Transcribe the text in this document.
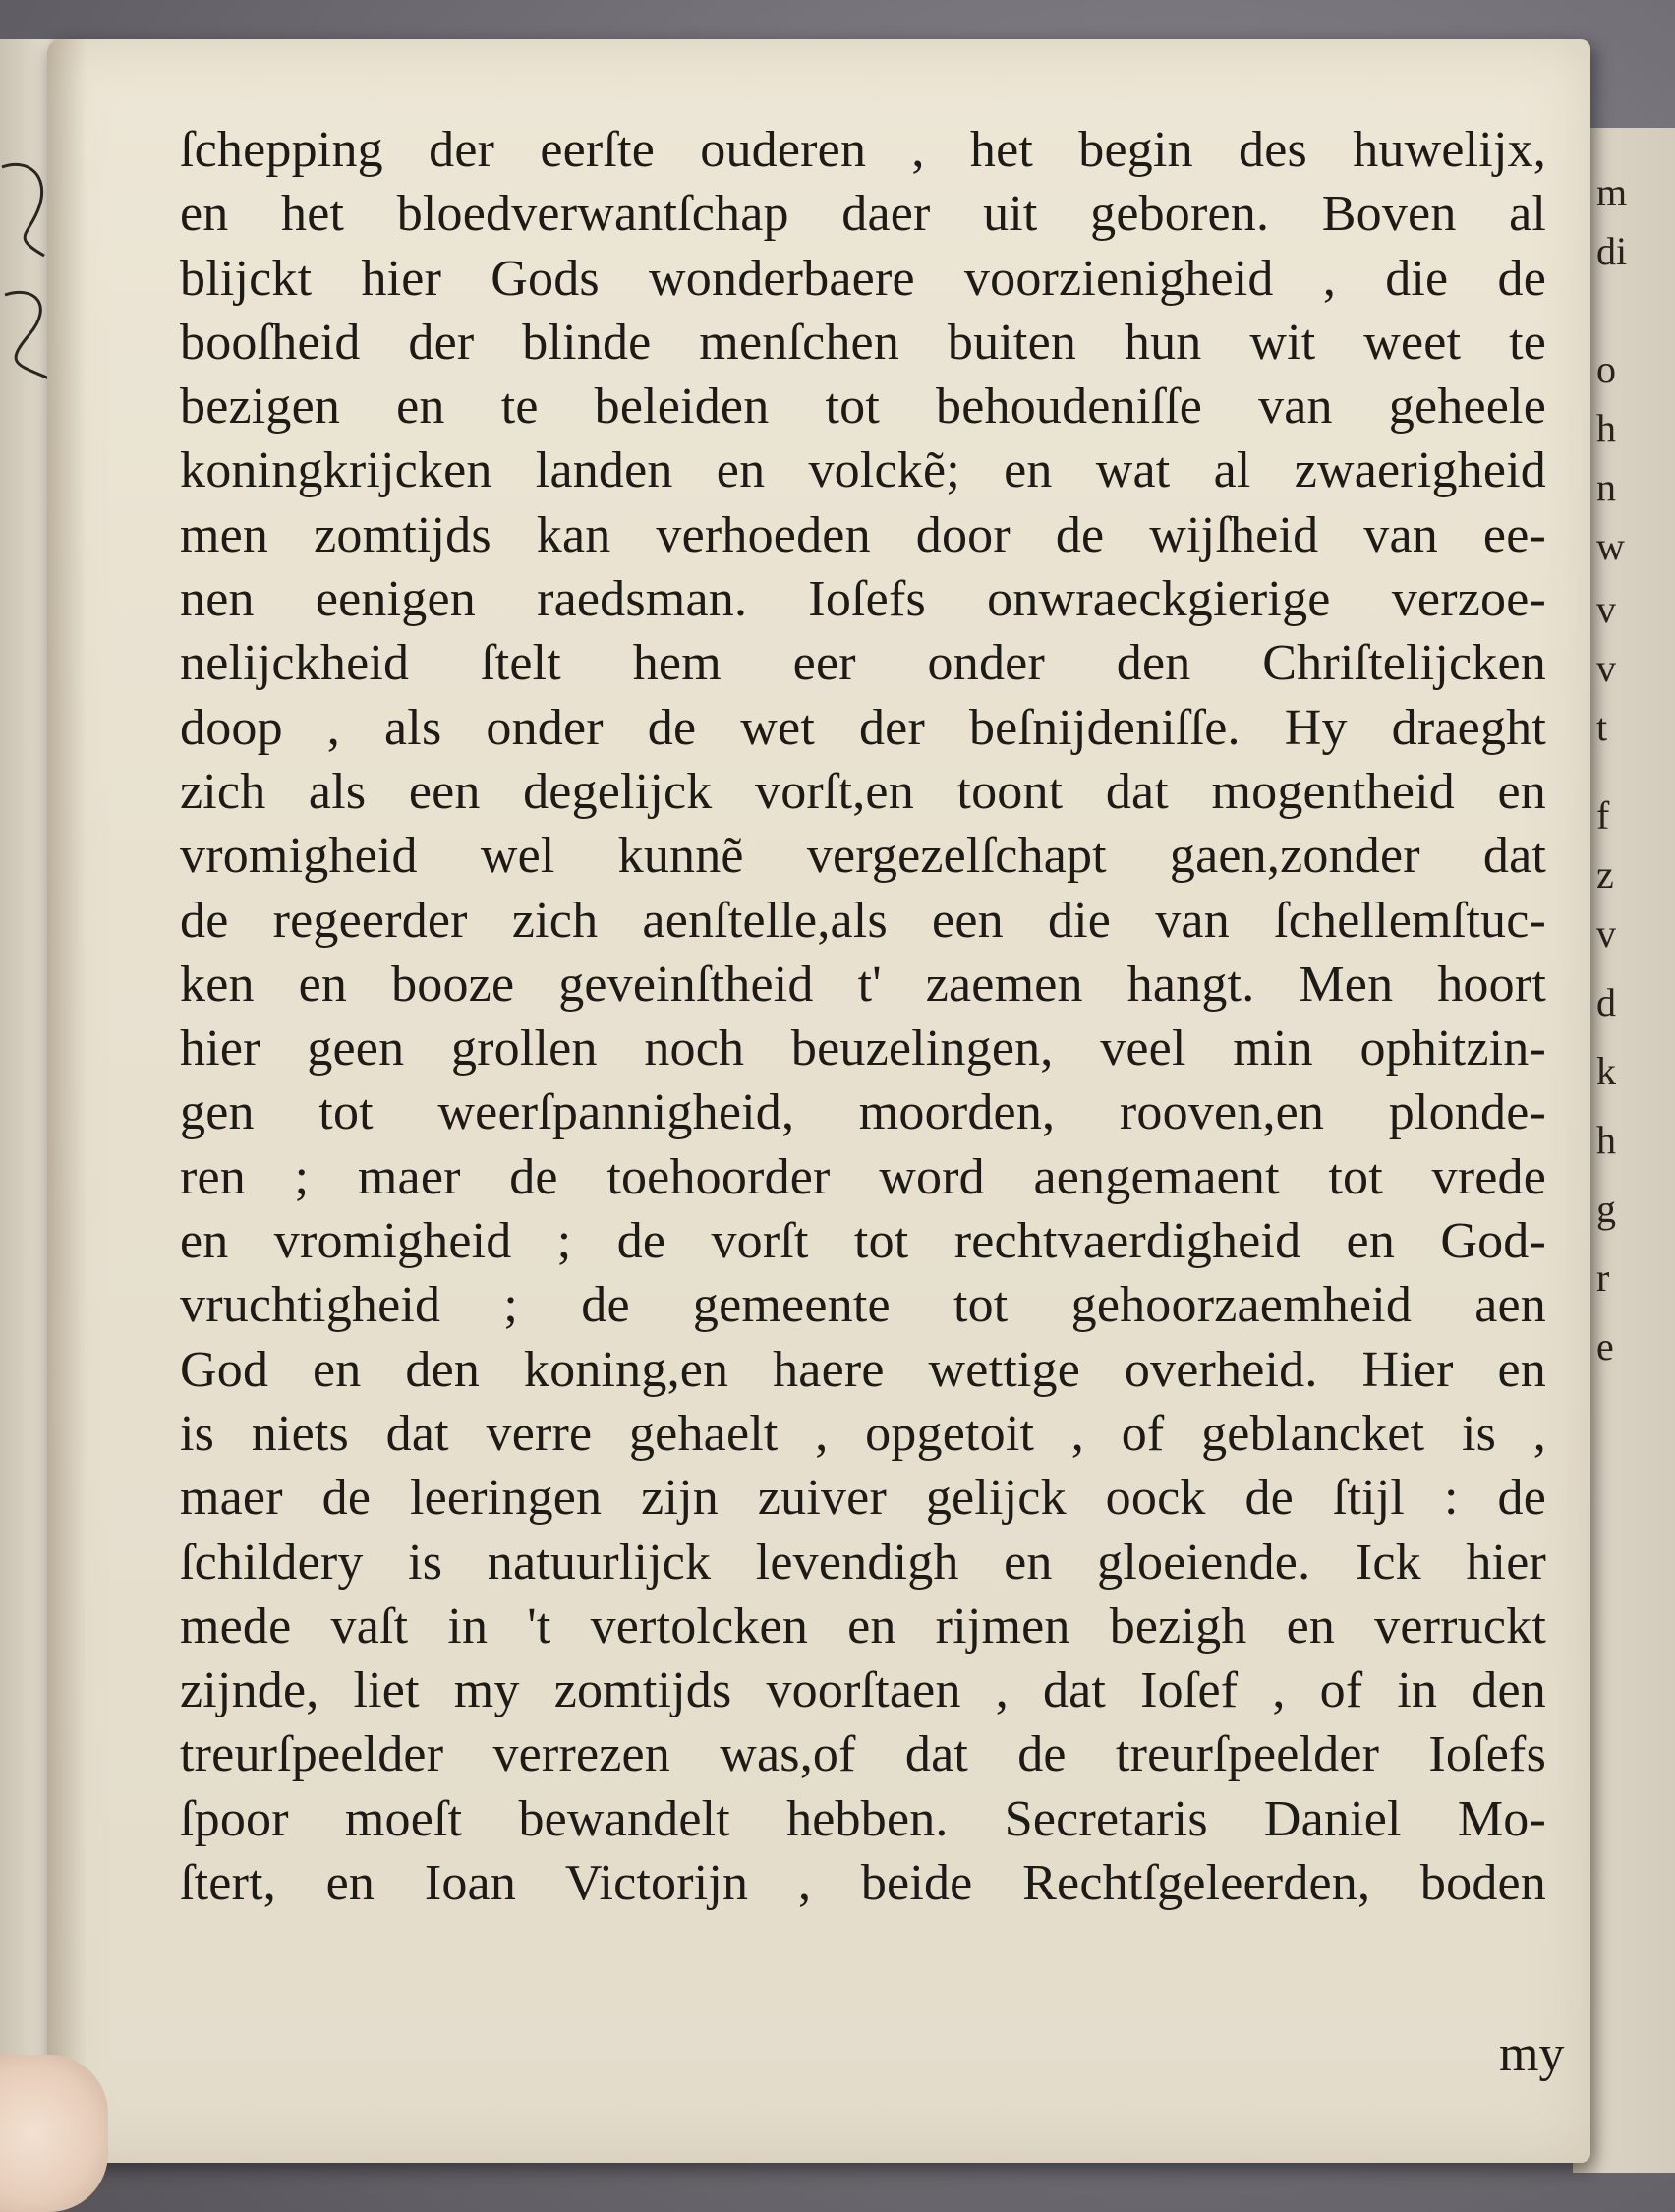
m
di
o
h
n
w
v
v
t
f
z
v
d
k
h
g
r
e
ſchepping der eerſte ouderen , het begin des huwelijx,
en het bloedverwantſchap daer uit geboren. Boven al
blijckt hier Gods wonderbaere voorzienigheid , die de
booſheid der blinde menſchen buiten hun wit weet te
bezigen en te beleiden tot behoudeniſſe van geheele
koningkrijcken landen en volckẽ; en wat al zwaerigheid
men zomtijds kan verhoeden door de wijſheid van ee-
nen eenigen raedsman. Ioſefs onwraeckgierige verzoe-
nelijckheid ſtelt hem eer onder den Chriſtelijcken
doop , als onder de wet der beſnijdeniſſe. Hy draeght
zich als een degelijck vorſt,en toont dat mogentheid en
vromigheid wel kunnẽ vergezelſchapt gaen,zonder dat
de regeerder zich aenſtelle,als een die van ſchellemſtuc-
ken en booze geveinſtheid t' zaemen hangt. Men hoort
hier geen grollen noch beuzelingen, veel min ophitzin-
gen tot weerſpannigheid, moorden, rooven,en plonde-
ren ; maer de toehoorder word aengemaent tot vrede
en vromigheid ; de vorſt tot rechtvaerdigheid en God-
vruchtigheid ; de gemeente tot gehoorzaemheid aen
God en den koning,en haere wettige overheid. Hier en
is niets dat verre gehaelt , opgetoit , of geblancket is ,
maer de leeringen zijn zuiver gelijck oock de ſtijl : de
ſchildery is natuurlijck levendigh en gloeiende. Ick hier
mede vaſt in 't vertolcken en rijmen bezigh en verruckt
zijnde, liet my zomtijds voorſtaen , dat Ioſef , of in den
treurſpeelder verrezen was,of dat de treurſpeelder Ioſefs
ſpoor moeſt bewandelt hebben. Secretaris Daniel Mo-
ſtert, en Ioan Victorijn , beide Rechtſgeleerden, boden
my
